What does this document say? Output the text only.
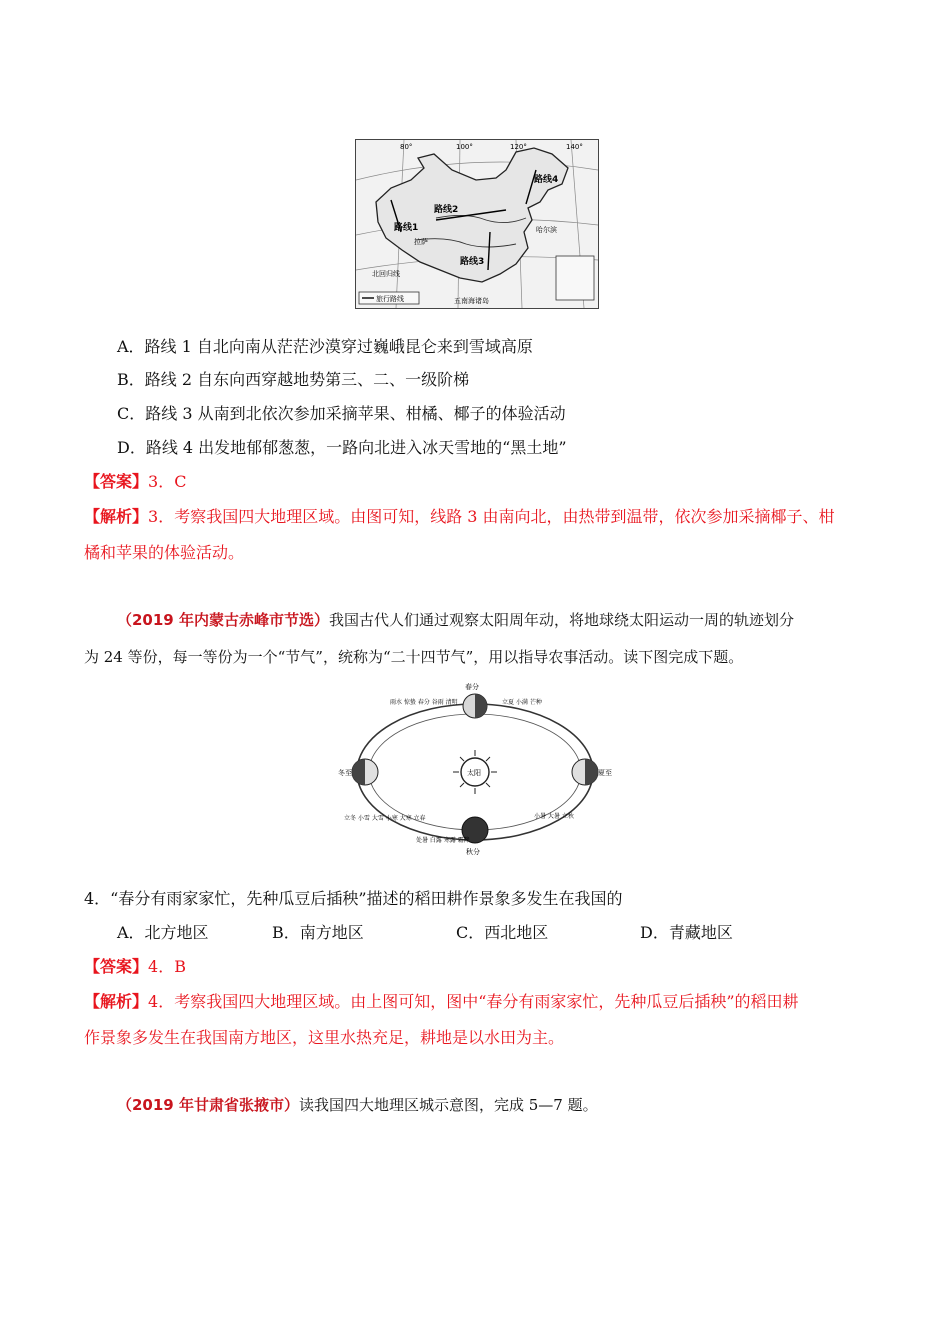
旅行路线
路线1
路线2
路线3
路线4
拉萨
哈尔滨
北回归线
80°	100°	120°	140°
五南海诸岛
A．路线 1 自北向南从茫茫沙漠穿过巍峨昆仑来到雪域高原
B．路线 2 自东向西穿越地势第三、二、一级阶梯
C．路线 3 从南到北依次参加采摘苹果、柑橘、椰子的体验活动
D．路线 4 出发地郁郁葱葱，一路向北进入冰天雪地的“黑土地”
【答案】3．C
【解析】3．考察我国四大地理区域。由图可知，线路 3 由南向北，由热带到温带，依次参加采摘椰子、柑
橘和苹果的体验活动。
（2019 年内蒙古赤峰市节选）我国古代人们通过观察太阳周年动，将地球绕太阳运动一周的轨迹划分
为 24 等份，每一等份为一个“节气”，统称为“二十四节气”，用以指导农事活动。读下图完成下题。
太阳
春分
秋分
冬至	夏至
雨水 惊蛰 春分 谷雨 清明	立夏 小满 芒种
小暑 大暑 立秋
处暑 白露 寒露 霜降
立冬 小雪 大雪 小寒 大寒 立春
4．“春分有雨家家忙，先种瓜豆后插秧”描述的稻田耕作景象多发生在我国的
A．北方地区	B．南方地区	C．西北地区	D．青藏地区
【答案】4．B
【解析】4．考察我国四大地理区域。由上图可知，图中“春分有雨家家忙，先种瓜豆后插秧”的稻田耕
作景象多发生在我国南方地区，这里水热充足，耕地是以水田为主。
（2019 年甘肃省张掖市）读我国四大地理区城示意图，完成 5—7 题。
